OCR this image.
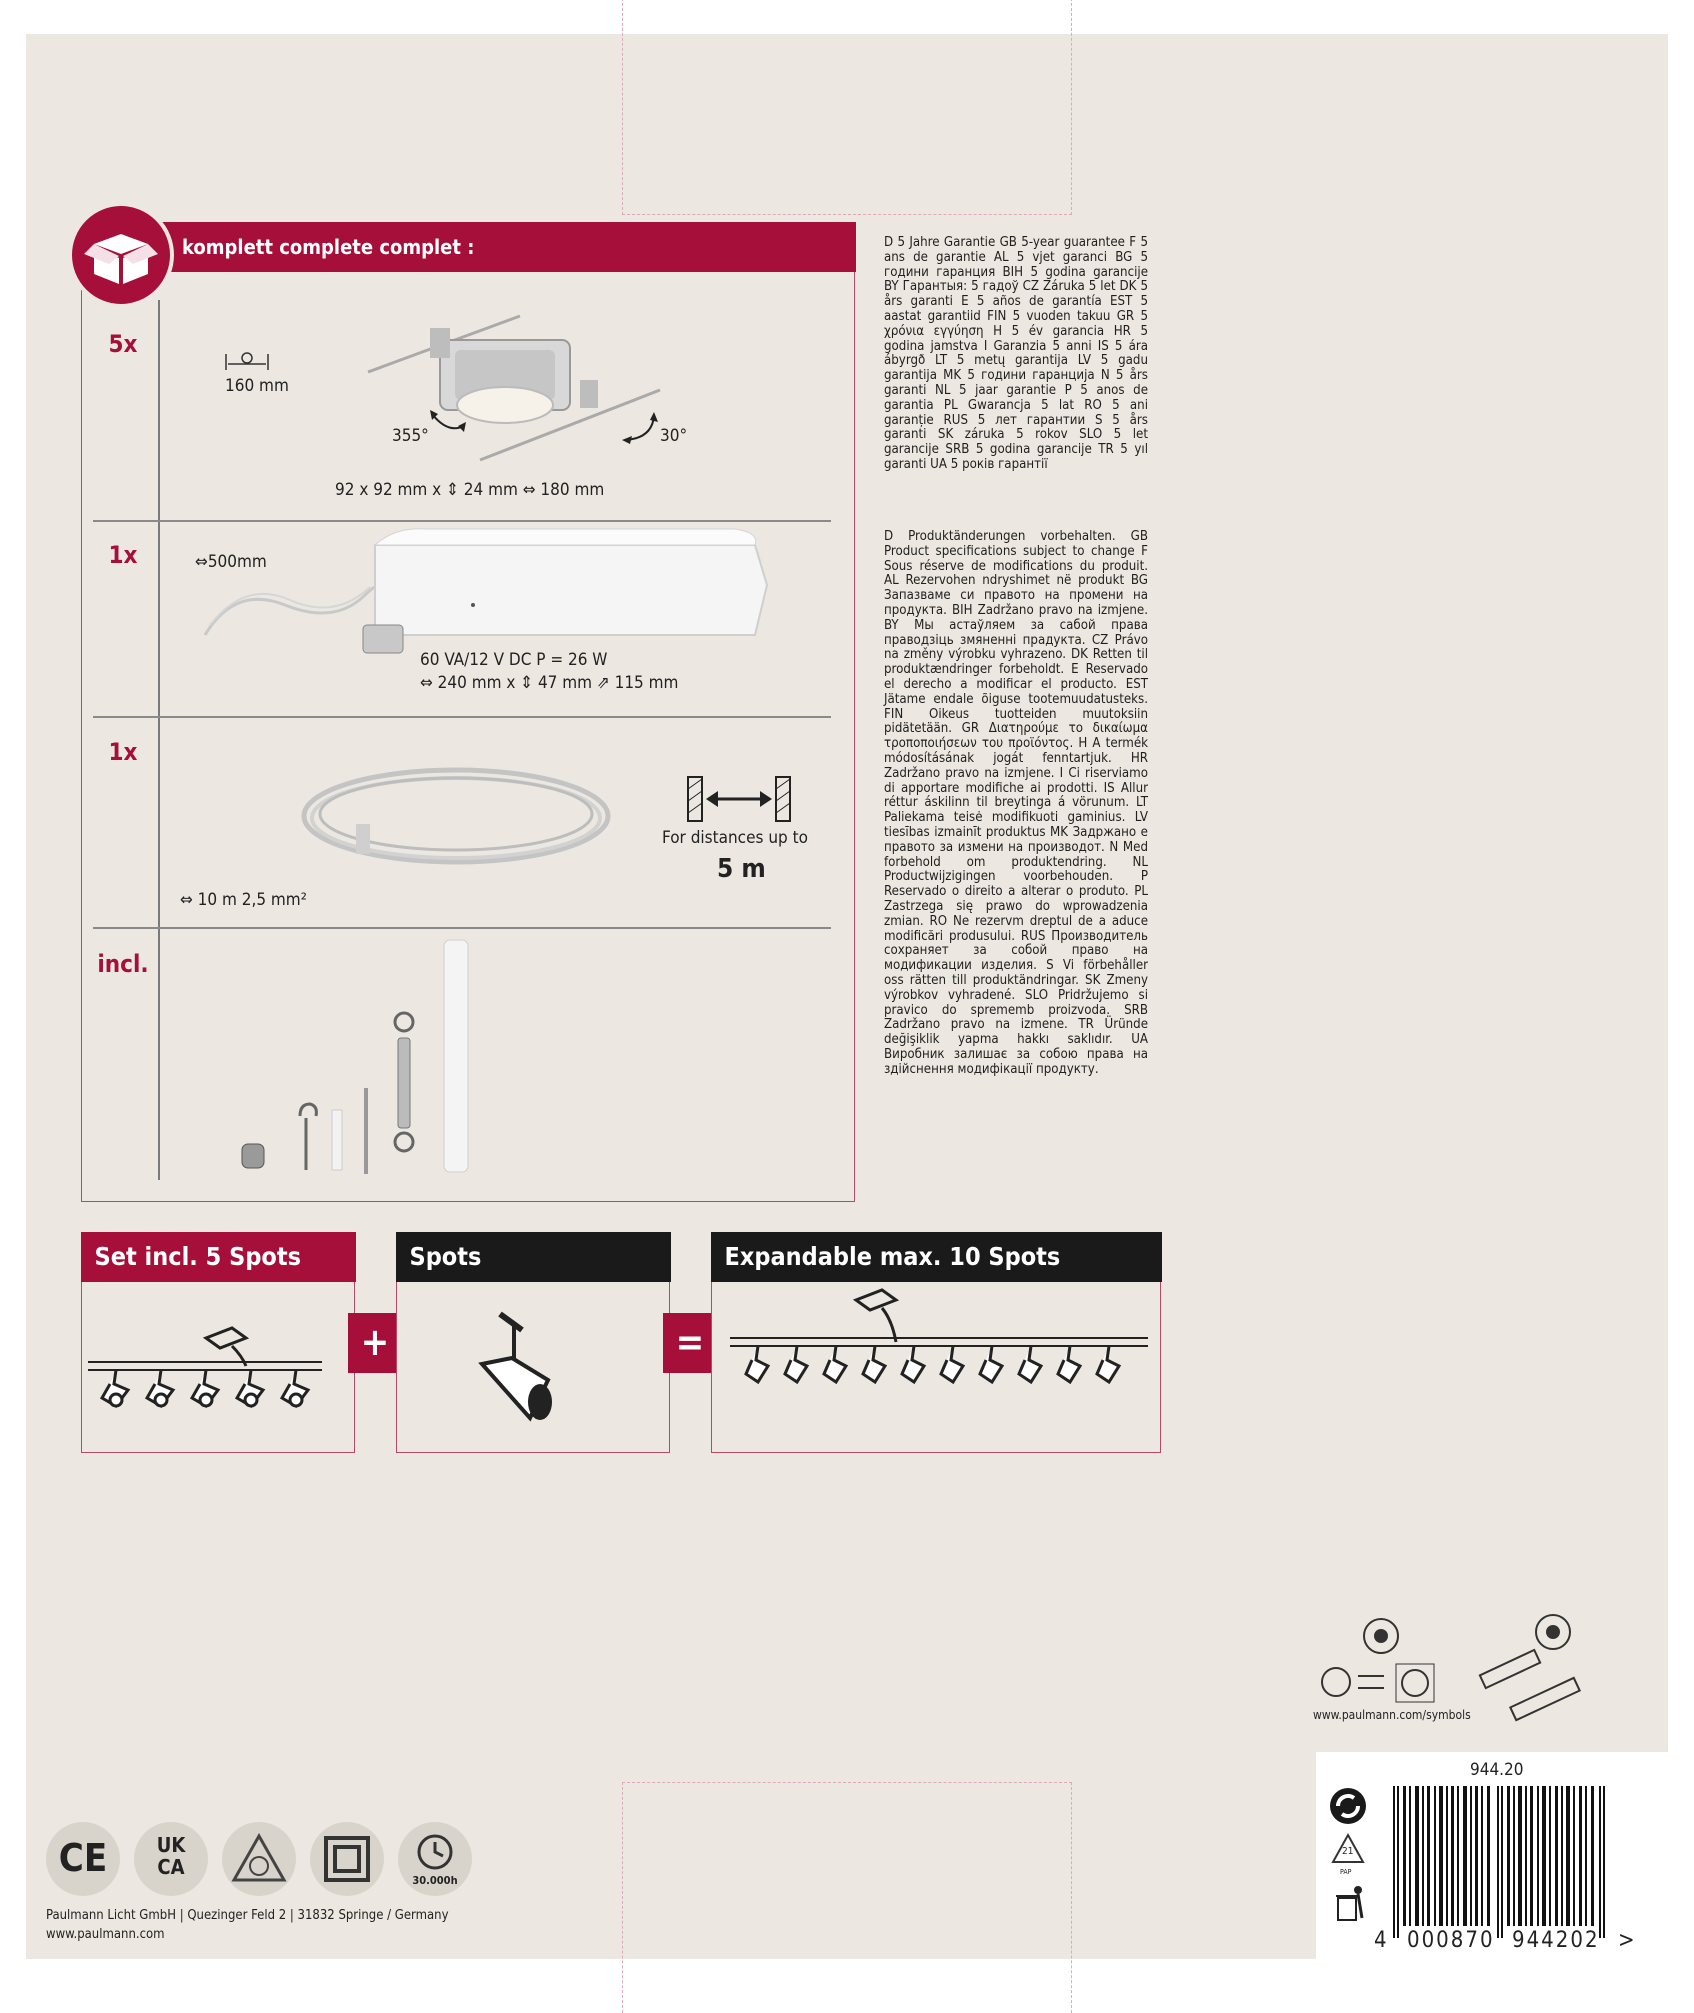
komplett complete complet :
5x
160 mm
355°	30°
92 x 92 mm x ⇕ 24 mm ⇔ 180 mm
1x	⇔500mm
60 VA/12 V DC P = 26 W
⇔ 240 mm x ⇕ 47 mm ⇗ 115 mm
1x
For distances up to
5 m
⇔ 10 m 2,5 mm²
incl.
D 5 Jahre Garantie GB 5-year guarantee F 5 ans de garantie AL 5 vjet garanci BG 5 години гаранция BIH 5 godina garancije BY Гарантыя: 5 гадоў CZ Záruka 5 let DK 5 års garanti E 5 años de garantía EST 5 aastat garantiid FIN 5 vuoden takuu GR 5 χρόνια εγγύηση H 5 év garancia HR 5 godina jamstva I Garanzia 5 anni IS 5 ára ábyrgð LT 5 metų garantija LV 5 gadu garantija MK 5 години гаранција N 5 års garanti NL 5 jaar garantie P 5 anos de garantia PL Gwarancja 5 lat RO 5 ani garanție RUS 5 лет гарантии S 5 års garanti SK záruka 5 rokov SLO 5 let garancije SRB 5 godina garancije TR 5 yıl garanti UA 5 років гарантії
D Produktänderungen vorbehalten. GB Product specifications subject to change F Sous réserve de modifications du produit. AL Rezervohen ndryshimet në produkt BG Запазваме си правото на промени на продукта. BIH Zadržano pravo na izmjene. BY Мы астаўляем за сабой права праводзіць змяненні прадукта. CZ Právo na změny výrobku vyhrazeno. DK Retten til produktændringer forbeholdt. E Reservado el derecho a modificar el producto. EST Jätame endale õiguse tootemuudatusteks. FIN Oikeus tuotteiden muutoksiin pidätetään. GR Διατηρούμε το δικαίωμα τροποποιήσεων του προϊόντος. H A termék módosításának jogát fenntartjuk. HR Zadržano pravo na izmjene. I Ci riserviamo di apportare modifiche ai prodotti. IS Allur réttur áskilinn til breytinga á vörunum. LT Paliekama teisė modifikuoti gaminius. LV tiesības izmainīt produktus MK Задржано е правото за измени на производот. N Med forbehold om produktendring. NL Productwijzigingen voorbehouden. P Reservado o direito a alterar o produto. PL Zastrzega się prawo do wprowadzenia zmian. RO Ne rezervm dreptul de a aduce modificări produsului. RUS Производитель сохраняет за собой право на модификации изделия. S Vi förbehåller oss rätten till produktändringar. SK Zmeny výrobkov vyhradené. SLO Pridržujemo si pravico do sprememb proizvoda. SRB Zadržano pravo na izmene. TR Üründe değişiklik yapma hakkı saklıdır. UA Виробник залишає за собою права на здійснення модифікації продукту.
Set incl. 5 Spots
+
Spots
=
Expandable max. 10 Spots
www.paulmann.com/symbols
CE	UK CA
30.000h
Paulmann Licht GmbH | Quezinger Feld 2 | 31832 Springe / Germany
www.paulmann.com
944.20
21
PAP
4 000870 944202 >
